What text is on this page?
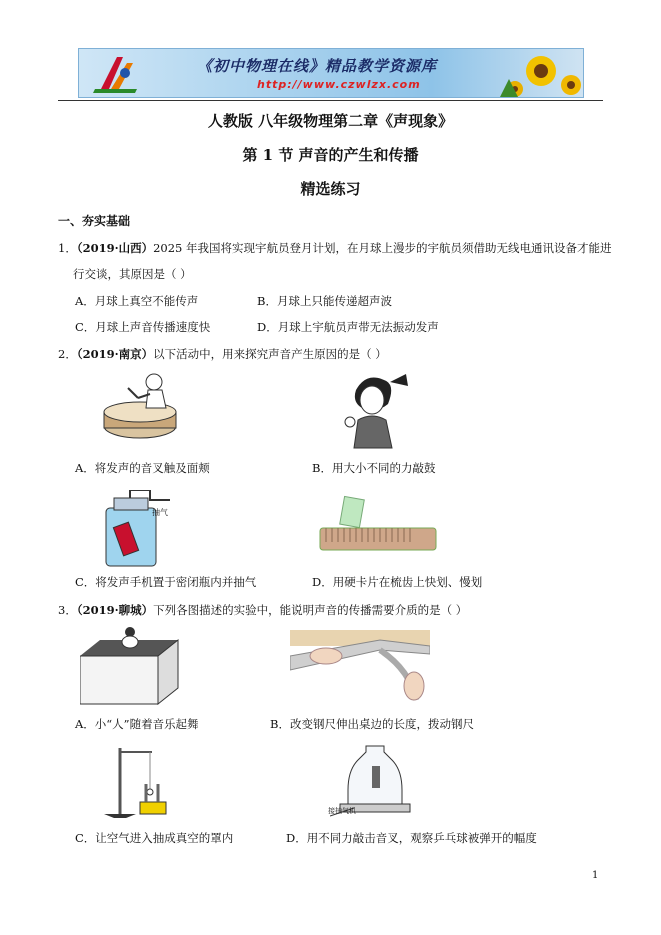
《初中物理在线》精品教学资源库
http://www.czwlzx.com
人教版 八年级物理第二章《声现象》
第 1 节 声音的产生和传播
精选练习
一、夯实基础
1．（2019·山西）2025 年我国将实现宇航员登月计划，在月球上漫步的宇航员须借助无线电通讯设备才能进
行交谈，其原因是（ ）
A．月球上真空不能传声	B．月球上只能传递超声波
C．月球上声音传播速度快	D．月球上宇航员声带无法振动发声
2．（2019·南京）以下活动中，用来探究声音产生原因的是（ ）
A．将发声的音叉触及面颊	B．用大小不同的力敲鼓
抽气
C．将发声手机置于密闭瓶内并抽气	D．用硬卡片在梳齿上快划、慢划
3．（2019·聊城）下列各图描述的实验中，能说明声音的传播需要介质的是（ ）
A．小“人”随着音乐起舞	B．改变钢尺伸出桌边的长度，拨动钢尺
接抽气机
C．让空气进入抽成真空的罩内	D．用不同力敲击音叉，观察乒乓球被弹开的幅度
1
